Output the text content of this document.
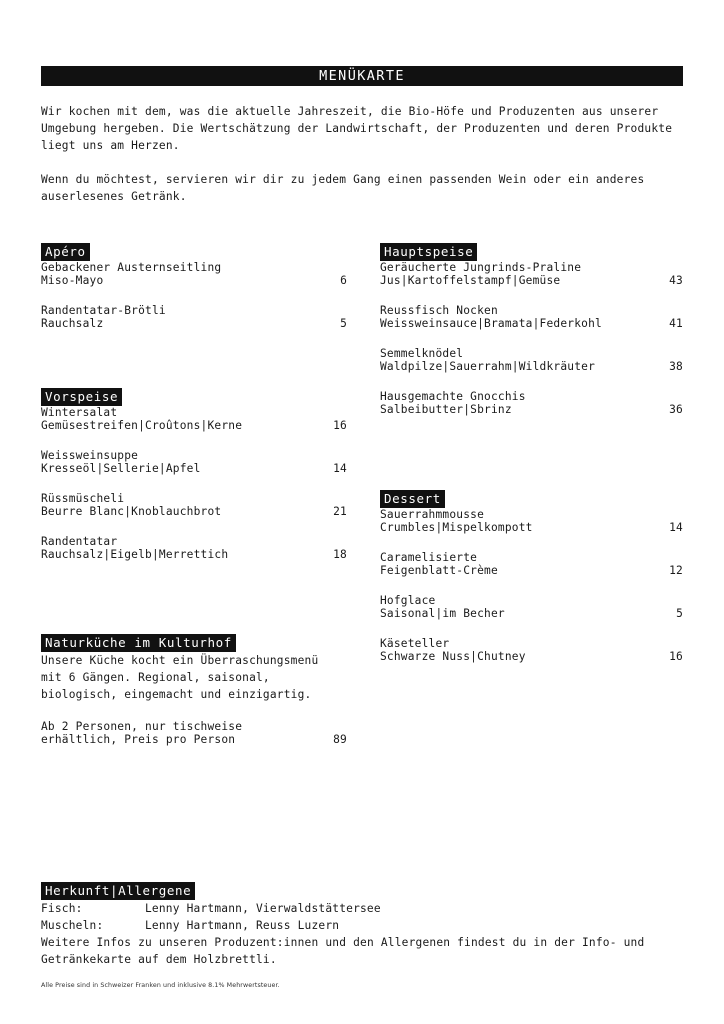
MENÜKARTE

Wir kochen mit dem, was die aktuelle Jahreszeit, die Bio-Höfe und Produzenten aus unserer

Umgebung hergeben. Die Wertschätzung der Landwirtschaft, der Produzenten und deren Produkte

liegt uns am Herzen.

Wenn du möchtest, servieren wir dir zu jedem Gang einen passenden Wein oder ein anderes

auserlesenes Getränk.

Apéro
Gebackener Austernseitling
Miso-Mayo	6
Randentatar-Brötli
Rauchsalz	5
Vorspeise
Wintersalat
Gemüsestreifen|Croûtons|Kerne	16
Weissweinsuppe
Kresseöl|Sellerie|Apfel	14
Rüssmüscheli
Beurre Blanc|Knoblauchbrot	21
Randentatar
Rauchsalz|Eigelb|Merrettich	18
Naturküche im Kulturhof

Unsere Küche kocht ein Überraschungsmenü

mit 6 Gängen. Regional, saisonal,

biologisch, eingemacht und einzigartig.

Ab 2 Personen, nur tischweise
erhältlich, Preis pro Person	89
Hauptspeise
Geräucherte Jungrinds-Praline
Jus|Kartoffelstampf|Gemüse	43
Reussfisch Nocken
Weissweinsauce|Bramata|Federkohl	41
Semmelknödel
Waldpilze|Sauerrahm|Wildkräuter	38
Hausgemachte Gnocchis
Salbeibutter|Sbrinz	36
Dessert
Sauerrahmmousse
Crumbles|Mispelkompott	14
Caramelisierte
Feigenblatt-Crème	12
Hofglace
Saisonal|im Becher	5
Käseteller
Schwarze Nuss|Chutney	16
Herkunft|Allergene
Fisch:	Lenny Hartmann, Vierwaldstättersee
Muscheln:	Lenny Hartmann, Reuss Luzern
Weitere Infos zu unseren Produzent:innen und den Allergenen findest du in der Info- und
Getränkekarte auf dem Holzbrettli.
Alle Preise sind in Schweizer Franken und inklusive 8.1% Mehrwertsteuer.
